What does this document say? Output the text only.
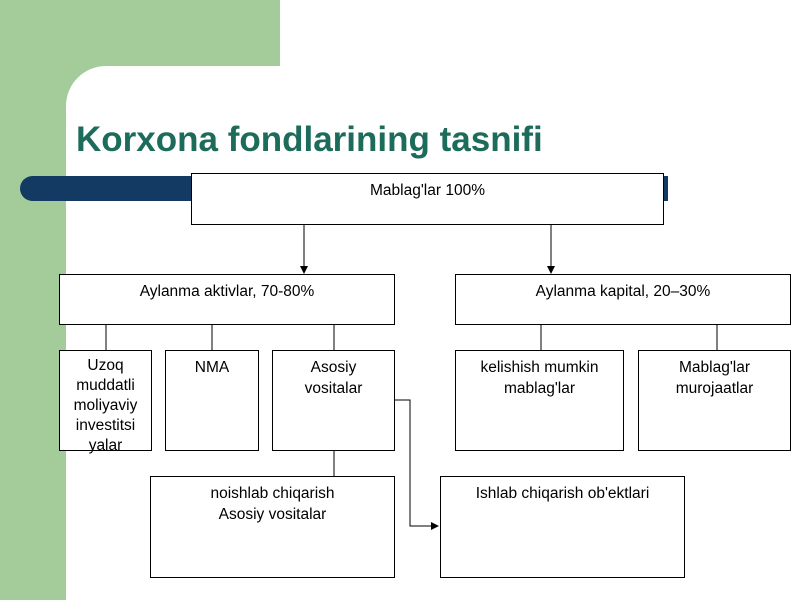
Korxona fondlarining tasnifi
Mablag'lar 100%
Aylanma aktivlar, 70-80%	Aylanma kapital, 20–30%
Uzoq
muddatli
moliyaviy
investitsi
yalar
NMA	Asosiy
vositalar
kelishish mumkin
mablag'lar
Mablag'lar
murojaatlar
noishlab chiqarish
Asosiy vositalar
Ishlab chiqarish ob'ektlari
